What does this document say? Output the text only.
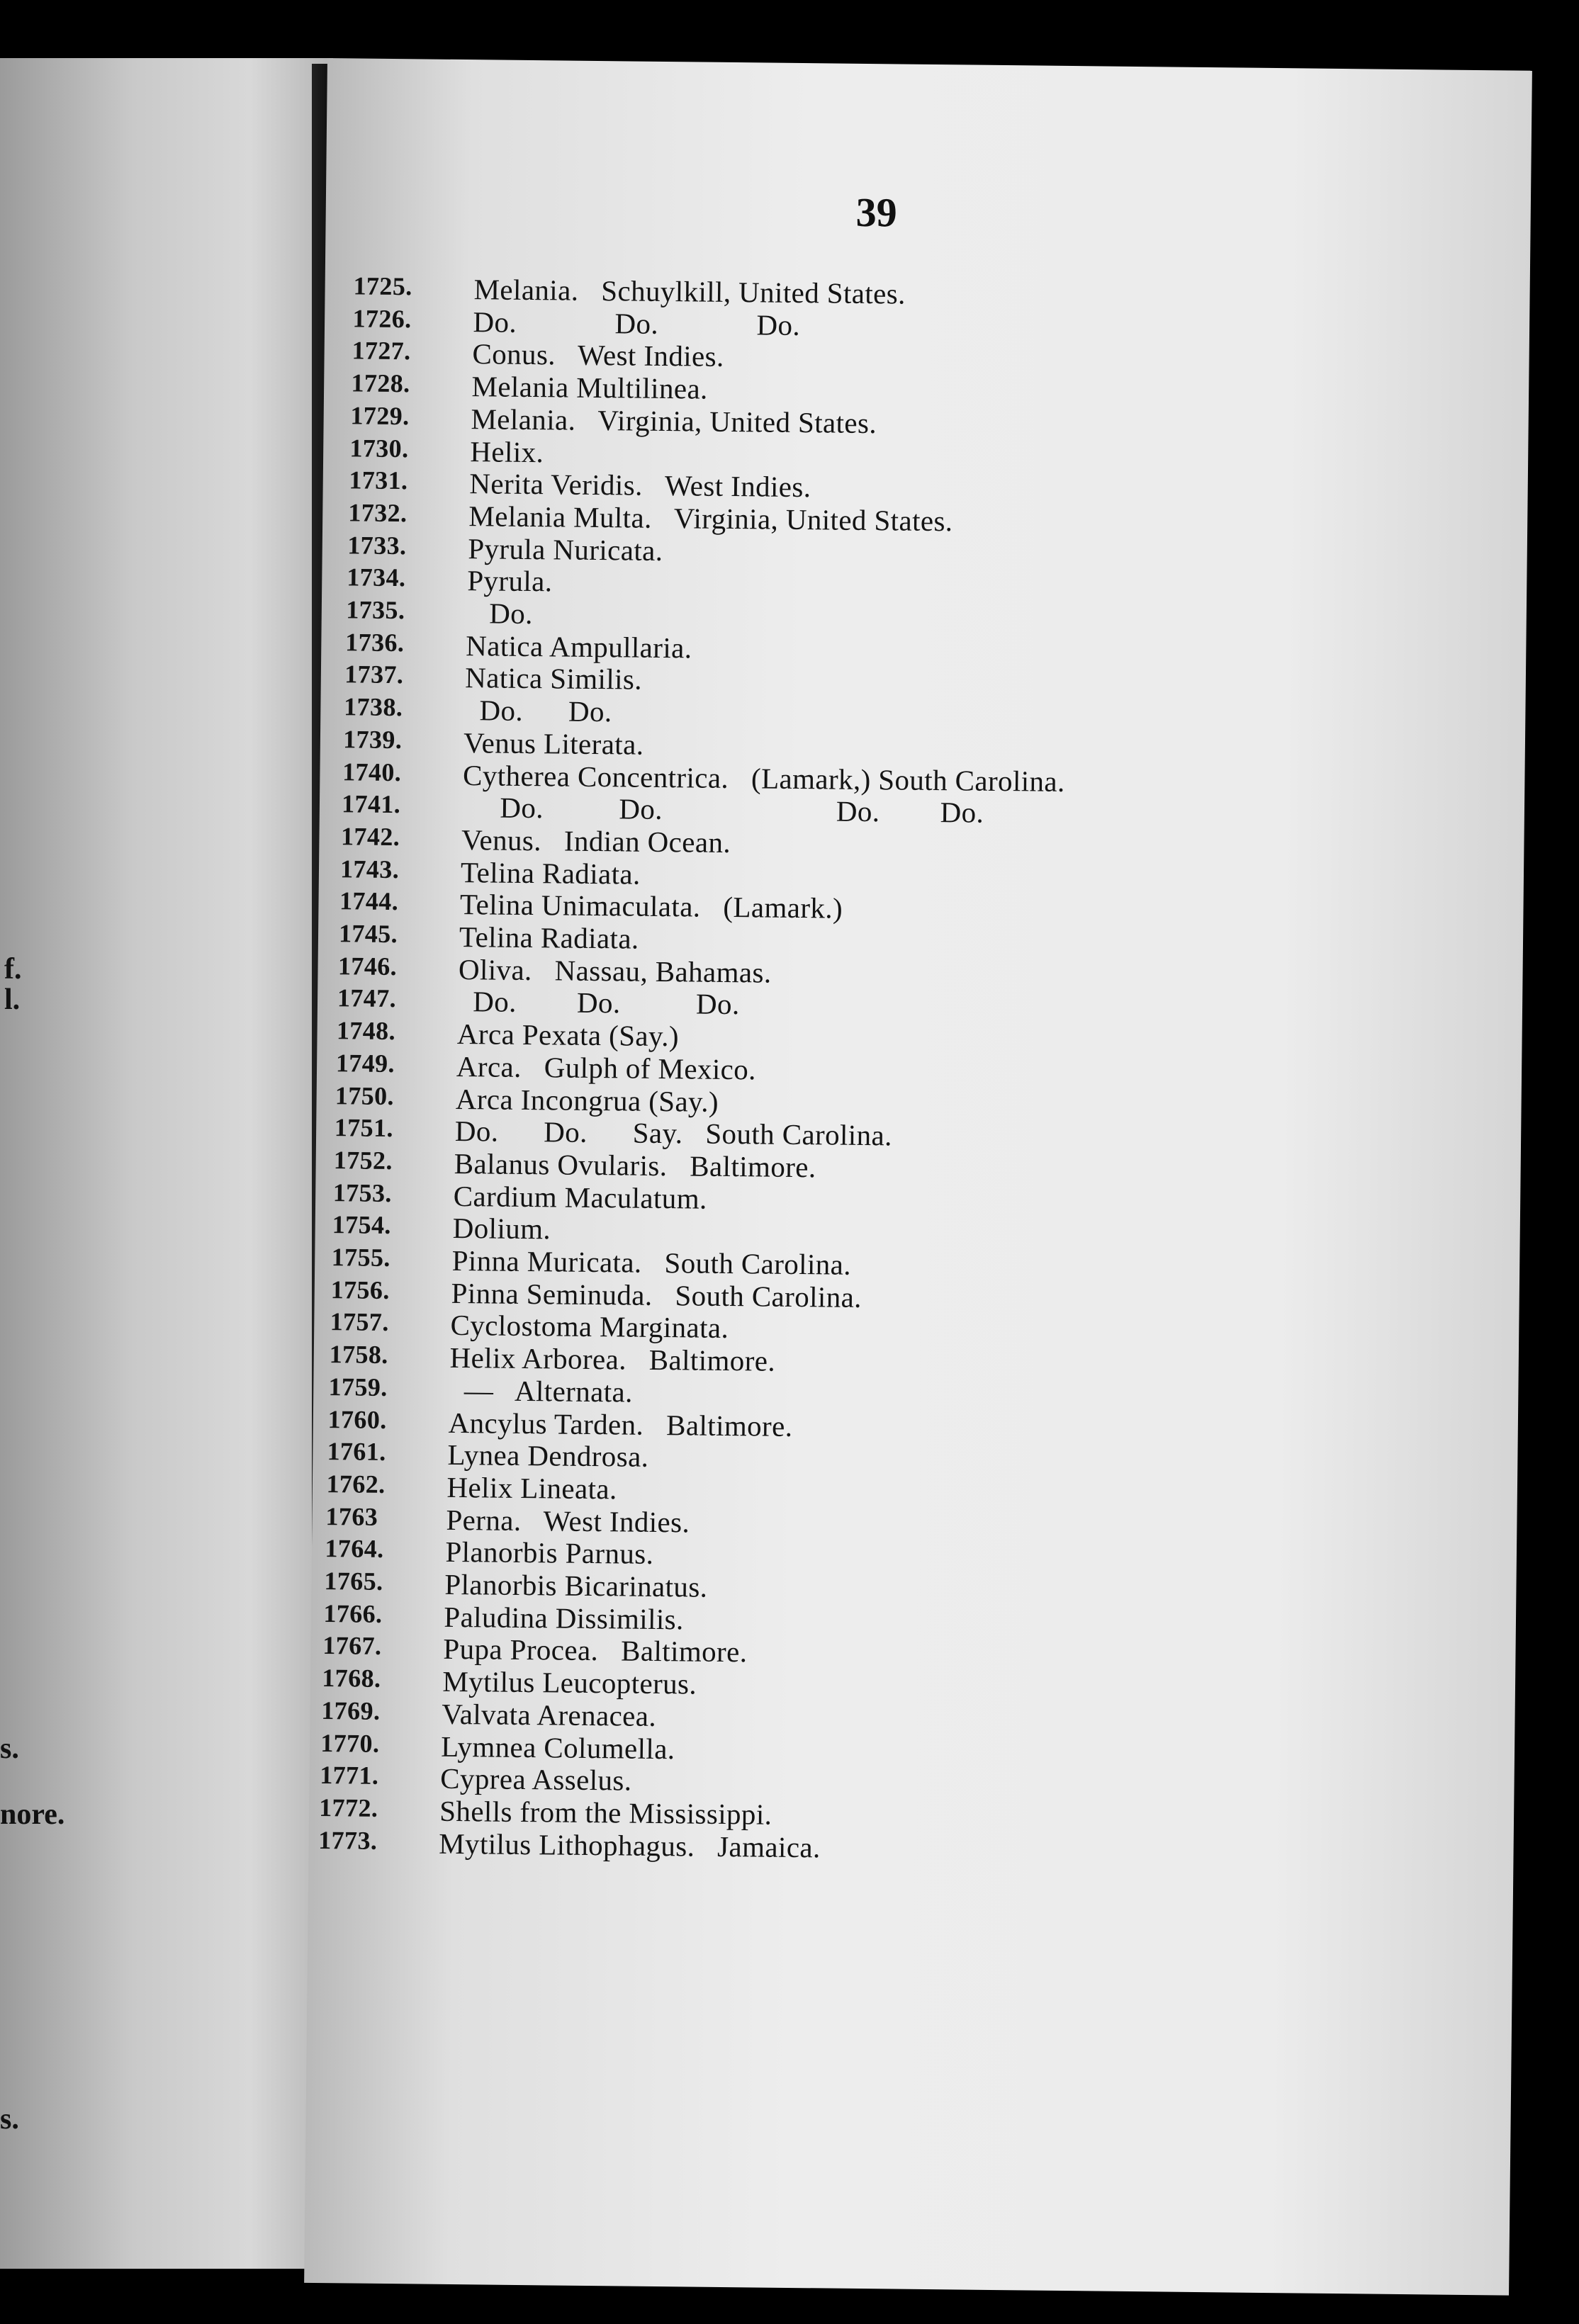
f.
l.
s.
nore.
s.
39
1725.	Melania.   Schuylkill, United States.
1726.	Do.             Do.             Do.
1727.	Conus.   West Indies.
1728.	Melania Multilinea.
1729.	Melania.   Virginia, United States.
1730.	Helix.
1731.	Nerita Veridis.   West Indies.
1732.	Melania Multa.   Virginia, United States.
1733.	Pyrula Nuricata.
1734.	Pyrula.
1735.	Do.
1736.	Natica Ampullaria.
1737.	Natica Similis.
1738.	Do.      Do.
1739.	Venus Literata.
1740.	Cytherea Concentrica.   (Lamark,) South Carolina.
1741.	Do.          Do.                       Do.        Do.
1742.	Venus.   Indian Ocean.
1743.	Telina Radiata.
1744.	Telina Unimaculata.   (Lamark.)
1745.	Telina Radiata.
1746.	Oliva.   Nassau, Bahamas.
1747.	Do.        Do.          Do.
1748.	Arca Pexata (Say.)
1749.	Arca.   Gulph of Mexico.
1750.	Arca Incongrua (Say.)
1751.	Do.      Do.      Say.   South Carolina.
1752.	Balanus Ovularis.   Baltimore.
1753.	Cardium Maculatum.
1754.	Dolium.
1755.	Pinna Muricata.   South Carolina.
1756.	Pinna Seminuda.   South Carolina.
1757.	Cyclostoma Marginata.
1758.	Helix Arborea.   Baltimore.
1759.	—   Alternata.
1760.	Ancylus Tarden.   Baltimore.
1761.	Lynea Dendrosa.
1762.	Helix Lineata.
1763	Perna.   West Indies.
1764.	Planorbis Parnus.
1765.	Planorbis Bicarinatus.
1766.	Paludina Dissimilis.
1767.	Pupa Procea.   Baltimore.
1768.	Mytilus Leucopterus.
1769.	Valvata Arenacea.
1770.	Lymnea Columella.
1771.	Cyprea Asselus.
1772.	Shells from the Mississippi.
1773.	Mytilus Lithophagus.   Jamaica.
